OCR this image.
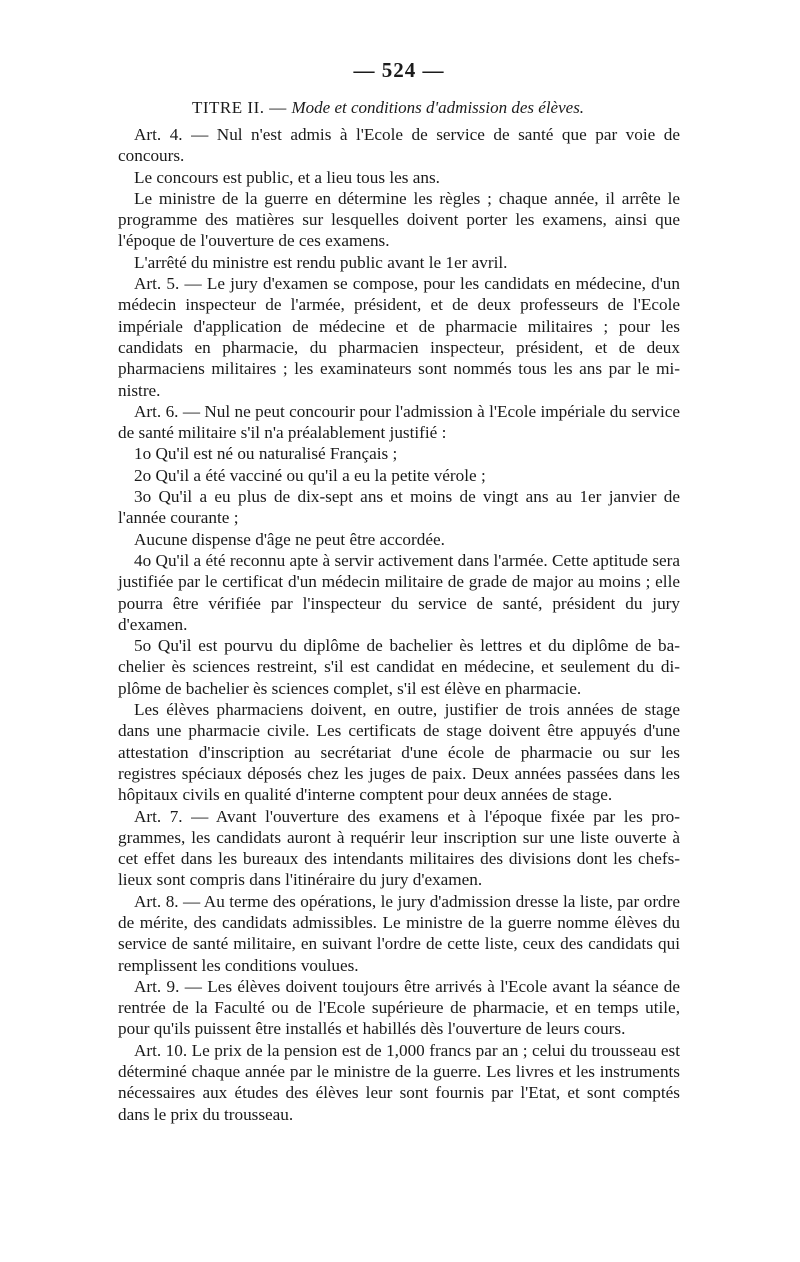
— 524 —
TITRE II. — Mode et conditions d'admission des élèves.

Art. 4. — Nul n'est admis à l'Ecole de service de santé que par voie de concours.

Le concours est public, et a lieu tous les ans.

Le ministre de la guerre en détermine les règles ; chaque année, il arrête le programme des matières sur lesquelles doivent porter les examens, ainsi que l'époque de l'ouverture de ces examens.

L'arrêté du ministre est rendu public avant le 1er avril.

Art. 5. — Le jury d'examen se compose, pour les candidats en médecine, d'un médecin inspecteur de l'armée, président, et de deux professeurs de l'Ecole impériale d'application de médecine et de pharmacie militaires ; pour les candidats en pharmacie, du pharmacien inspecteur, président, et de deux pharmaciens militaires ; les examinateurs sont nommés tous les ans par le ministre.

Art. 6. — Nul ne peut concourir pour l'admission à l'Ecole impériale du service de santé militaire s'il n'a préalablement justifié :

1o Qu'il est né ou naturalisé Français ;

2o Qu'il a été vacciné ou qu'il a eu la petite vérole ;

3o Qu'il a eu plus de dix-sept ans et moins de vingt ans au 1er janvier de l'année courante ;

Aucune dispense d'âge ne peut être accordée.

4o Qu'il a été reconnu apte à servir activement dans l'armée. Cette aptitude sera justifiée par le certificat d'un médecin militaire de grade de major au moins ; elle pourra être vérifiée par l'inspecteur du service de santé, président du jury d'examen.

5o Qu'il est pourvu du diplôme de bachelier ès lettres et du diplôme de bachelier ès sciences restreint, s'il est candidat en médecine, et seulement du diplôme de bachelier ès sciences complet, s'il est élève en pharmacie.

Les élèves pharmaciens doivent, en outre, justifier de trois années de stage dans une pharmacie civile. Les certificats de stage doivent être appuyés d'une attestation d'inscription au secrétariat d'une école de pharmacie ou sur les registres spéciaux déposés chez les juges de paix. Deux années passées dans les hôpitaux civils en qualité d'interne comptent pour deux années de stage.

Art. 7. — Avant l'ouverture des examens et à l'époque fixée par les programmes, les candidats auront à requérir leur inscription sur une liste ouverte à cet effet dans les bureaux des intendants militaires des divisions dont les chefs-lieux sont compris dans l'itinéraire du jury d'examen.

Art. 8. — Au terme des opérations, le jury d'admission dresse la liste, par ordre de mérite, des candidats admissibles. Le ministre de la guerre nomme élèves du service de santé militaire, en suivant l'ordre de cette liste, ceux des candidats qui remplissent les conditions voulues.

Art. 9. — Les élèves doivent toujours être arrivés à l'Ecole avant la séance de rentrée de la Faculté ou de l'Ecole supérieure de pharmacie, et en temps utile, pour qu'ils puissent être installés et habillés dès l'ouverture de leurs cours.

Art. 10. Le prix de la pension est de 1,000 francs par an ; celui du trousseau est déterminé chaque année par le ministre de la guerre. Les livres et les instruments nécessaires aux études des élèves leur sont fournis par l'Etat, et sont comptés dans le prix du trousseau.
